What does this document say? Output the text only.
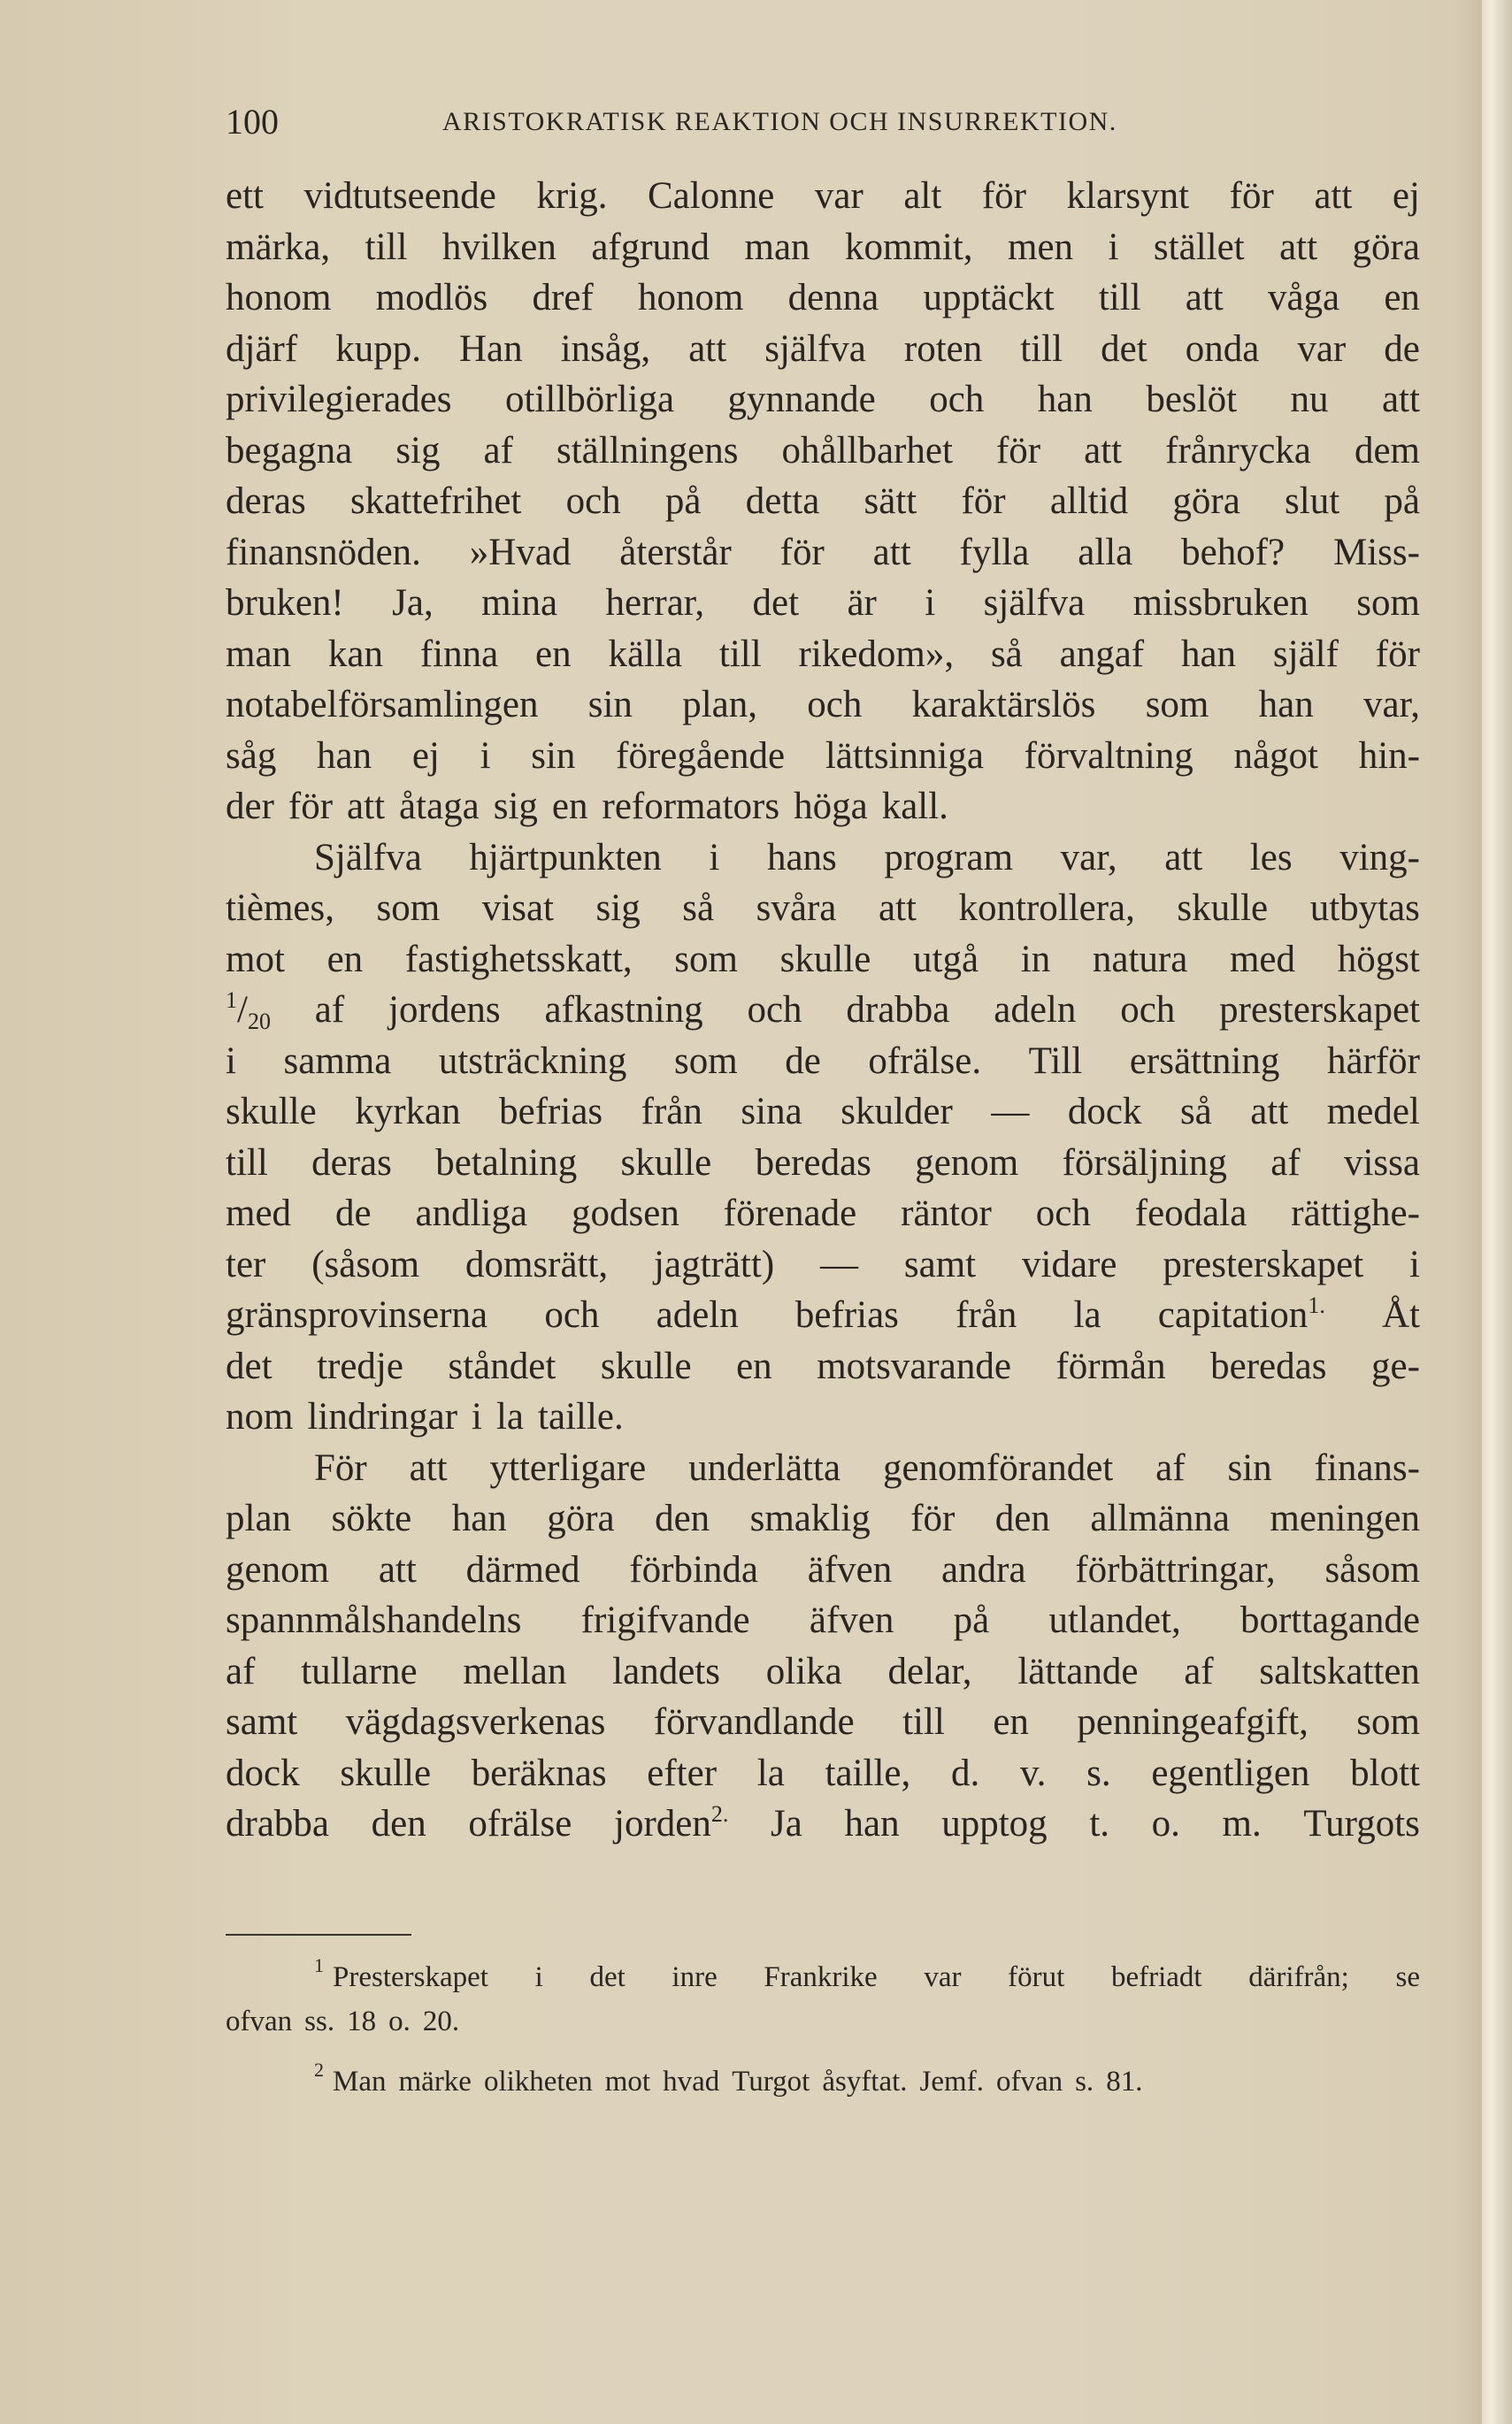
100	ARISTOKRATISK REAKTION OCH INSURREKTION.
ett vidtutseende krig. Calonne var alt för klarsynt för att ej
märka, till hvilken afgrund man kommit, men i stället att göra
honom modlös dref honom denna upptäckt till att våga en
djärf kupp. Han insåg, att själfva roten till det onda var de
privilegierades otillbörliga gynnande och han beslöt nu att
begagna sig af ställningens ohållbarhet för att frånrycka dem
deras skattefrihet och på detta sätt för alltid göra slut på
finansnöden. »Hvad återstår för att fylla alla behof? Miss-
bruken! Ja, mina herrar, det är i själfva missbruken som
man kan finna en källa till rikedom», så angaf han själf för
notabelförsamlingen sin plan, och karaktärslös som han var,
såg han ej i sin föregående lättsinniga förvaltning något hin-
der för att åtaga sig en reformators höga kall.
Själfva hjärtpunkten i hans program var, att les ving-
tièmes, som visat sig så svåra att kontrollera, skulle utbytas
mot en fastighetsskatt, som skulle utgå in natura med högst
$^1/_{20}$ af jordens afkastning och drabba adeln och presterskapet
i samma utsträckning som de ofrälse. Till ersättning härför
skulle kyrkan befrias från sina skulder — dock så att medel
till deras betalning skulle beredas genom försäljning af vissa
med de andliga godsen förenade räntor och feodala rättighe-
ter (såsom domsrätt, jagträtt) — samt vidare presterskapet i
gränsprovinserna och adeln befrias från la capitation$^{1.}$ Åt
det tredje ståndet skulle en motsvarande förmån beredas ge-
nom lindringar i la taille.
För att ytterligare underlätta genomförandet af sin finans-
plan sökte han göra den smaklig för den allmänna meningen
genom att därmed förbinda äfven andra förbättringar, såsom
spannmålshandelns frigifvande äfven på utlandet, borttagande
af tullarne mellan landets olika delar, lättande af saltskatten
samt vägdagsverkenas förvandlande till en penningeafgift, som
dock skulle beräknas efter la taille, d. v. s. egentligen blott
drabba den ofrälse jorden$^{2.}$ Ja han upptog t. o. m. Turgots
$^1$ Presterskapet i det inre Frankrike var förut befriadt därifrån; se
ofvan ss. 18 o. 20.
$^2$ Man märke olikheten mot hvad Turgot åsyftat. Jemf. ofvan s. 81.
